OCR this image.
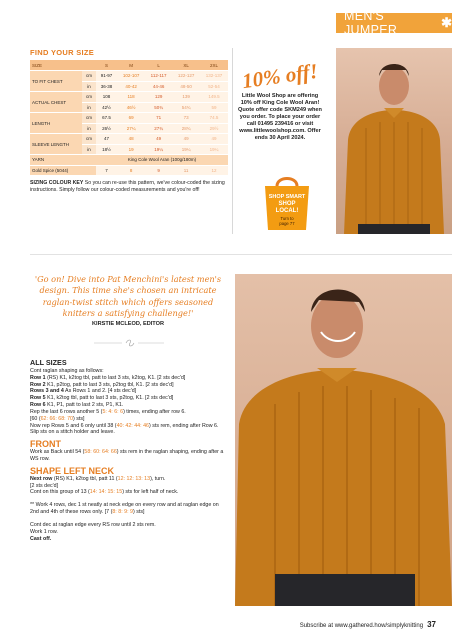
MEN'S JUMPER	✱
FIND YOUR SIZE
SIZE		S	M	L	XL	2XL
TO FIT CHEST	cm	91-97	102-107	112-117	122-127	132-137
	in	36-38	40-42	44-46	48-50	52-54
ACTUAL CHEST	cm	108	118	129	139	149.5
	in	42½	46½	50¾	54¾	59
LENGTH	cm	67.5	69	71	73	74.5
	in	26½	27¼	27¾	28¾	29½
SLEEVE LENGTH	cm	47	48	49	49	49
	in	18½	19	19¼	19¼	19¼
YARN		King Cole Wool Aran (100g/180m)				
Gold Spice (5044)		7	8	9	11	12
SIZING COLOUR KEY So you can re-use this pattern, we've colour-coded the sizing instructions. Simply follow our colour-coded measurements and you're off!
10% off!
Little Wool Shop are offering 10% off King Cole Wool Aran! Quote offer code SKM249 when you order. To place your order call 01495 239416 or visit www.littlewoolshop.com. Offer ends 30 April 2024.
SHOP SMART
SHOP
LOCAL!
Turn to
page 77
'Go on! Dive into Pat Menchini's latest men's design. This time she's chosen an intricate raglan-twist stitch which offers seasoned knitters a satisfying challenge!'
KIRSTIE MCLEOD, EDITOR
ALL SIZES

Cont raglan shaping as follows:

Row 1 (RS) K1, k2tog tbl, patt to last 3 sts, k2tog, K1. [2 sts dec'd]

Row 2 K1, p2tog, patt to last 3 sts, p2tog tbl, K1. [2 sts dec'd]

Rows 3 and 4 As Rows 1 and 2. [4 sts dec'd]

Row 5 K1, k2tog tbl, patt to last 3 sts, p2tog, K1. [2 sts dec'd]

Row 6 K1, P1, patt to last 2 sts, P1, K1.

Rep the last 6 rows another 5 (5: 4: 6: 6) times, ending after row 6.

[60 (62: 66: 68: 70) sts]

Now rep Rows 5 and 6 only until 38 (40: 42: 44: 46) sts rem, ending after Row 6.

Slip sts on a stitch holder and leave.

FRONT

Work as Back until 54 (58: 60: 64: 66) sts rem in the raglan shaping, ending after a WS row.

SHAPE LEFT NECK

Next row (RS) K1, k2tog tbl, patt 11 (12: 12: 13: 13), turn.

[2 sts dec'd]

Cont on this group of 13 (14: 14: 15: 15) sts for left half of neck.

** Work 4 rows, dec 1 st neatly at neck edge on every row and at raglan edge on 2nd and 4th of these rows only. [7 (8: 8: 9: 9) sts]

Cont dec at raglan edge every RS row until 2 sts rem.

Work 1 row.

Cast off.

Subscribe at www.gathered.how/simplyknitting 37
